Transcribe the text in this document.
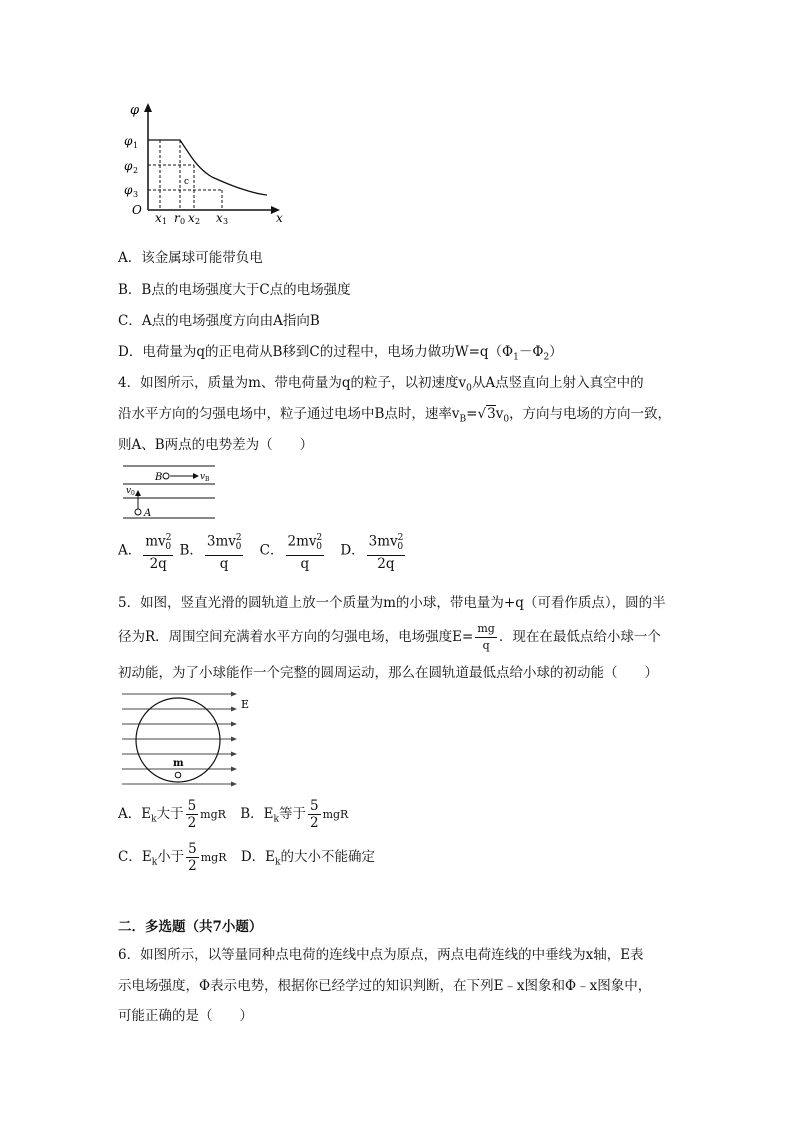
φ
φ 1
φ 2
φ 3
O
c
x 1 r 0 x 2 x 3	x
A．该金属球可能带负电
B．B点的电场强度大于C点的电场强度
C．A点的电场强度方向由A指向B
D．电荷量为q的正电荷从B移到C的过程中，电场力做功$W=q(\Phi_1-\Phi_2)$
4．如图所示，质量为m、带电荷量为q的粒子，以初速度$v_0$从A点竖直向上射入真空中的
沿水平方向的匀强电场中，粒子通过电场中B点时，速率$v_B=√3v_0$，方向与电场的方向一致，
则A、B两点的电势差为（　　）
B	v B
v 0
A
A． $\frac{mv^2_0}{2q}$ B． $\frac{3mv^2_0}{q}$ C． $\frac{2mv^2_0}{q}$ D． $\frac{3mv^2_0}{2q}$
5．如图，竖直光滑的圆轨道上放一个质量为m的小球，带电量为+q（可看作质点），圆的半
径为R．周围空间充满着水平方向的匀强电场，电场强度$E= \frac{mg}{q}$ ．现在在最低点给小球一个
初动能，为了小球能作一个完整的圆周运动，那么在圆轨道最低点给小球的初动能（　　）
m
E
A．$E_k$大于 $\frac{5}{2}$ mgR B．$E_k$等于 $\frac{5}{2}$ mgR
C．$E_k$小于 $\frac{5}{2}$ mgR D．$E_k$的大小不能确定
二．多选题（共7小题）
6．如图所示，以等量同种点电荷的连线中点为原点，两点电荷连线的中垂线为x轴，E表
示电场强度，Φ表示电势，根据你已经学过的知识判断，在下列E﹣x图象和Φ﹣x图象中，
可能正确的是（　　）
